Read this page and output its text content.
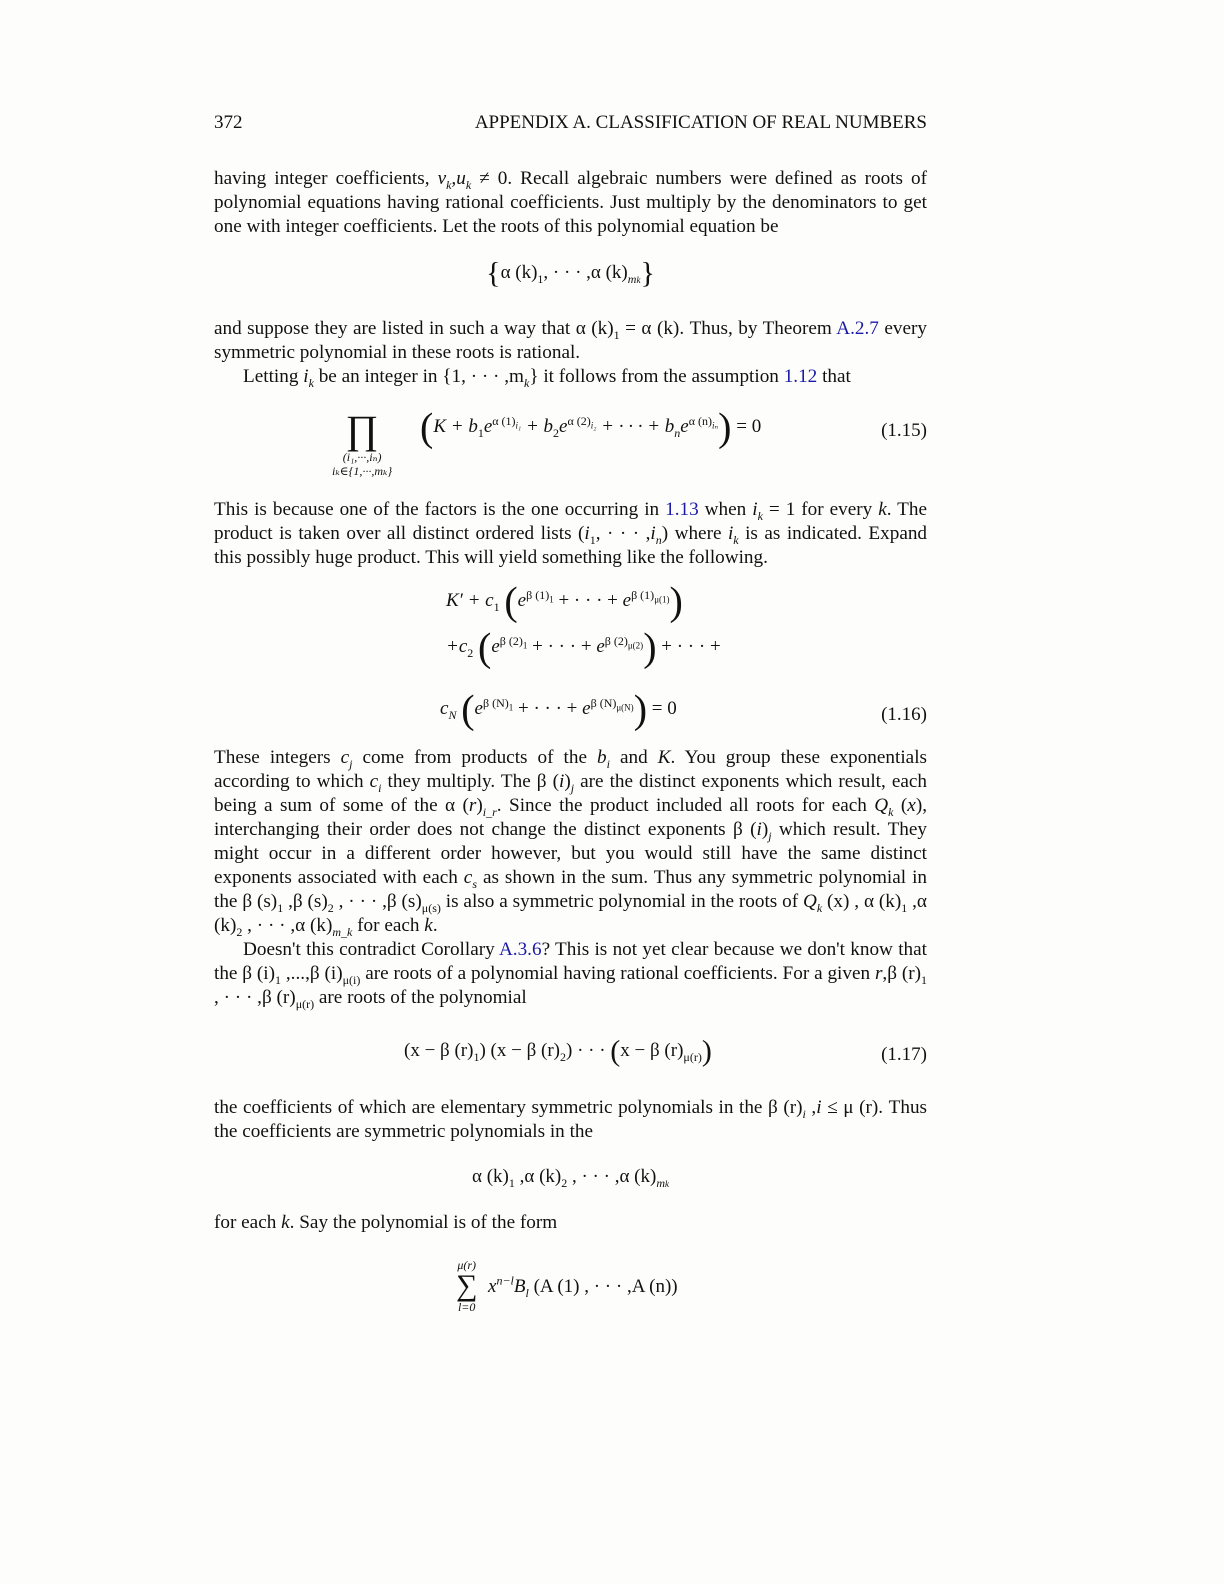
372	APPENDIX A. CLASSIFICATION OF REAL NUMBERS

having integer coefficients, $v_k,u_k \ne 0$. Recall algebraic numbers were defined as roots of polynomial equations having rational coefficients. Just multiply by the denominators to get one with integer coefficients. Let the roots of this polynomial equation be

{α $(k)_1$, · · · ,α $(k)_{mk}$}

and suppose they are listed in such a way that α $(k)_1 = \alpha$ (k). Thus, by Theorem A.2.7 every symmetric polynomial in these roots is rational.

Letting $i_k$ be an integer in {1, · · · $,m_k$} it follows from the assumption 1.12 that

∏
(i₁,···,iₙ)
iₖ∈{1,···,mₖ}
($K + b_1e^{\alpha (1)_{i_1}} + b_2e^{\alpha (2)_{i_2}}$ + · · · + $b_ne^{\alpha (n)_{i_n}}) = 0$	(1.15)

This is because one of the factors is the one occurring in 1.13 when $i_k = 1$ for every k. The product is taken over all distinct ordered lists ($i_1$, · · · $,i_n$) where $i_k$ is as indicated. Expand this possibly huge product. This will yield something like the following.

$K' + c_1$ ($e^{\beta (1)_1}$ + · · · + $e^{\beta (1)_{\mu(1)}}$)
$+c_2$ ($e^{\beta (2)_1}$ + · · · + $e^{\beta (2)_{\mu(2)}}$) + · · · +
$c_N$ ($e^{\beta (N)_1}$ + · · · + $e^{\beta (N)_{\mu(N)}}) = 0$	(1.16)

These integers $c_j$ come from products of the $b_i$ and K. You group these exponentials according to which $c_i$ they multiply. The β $(i)_j$ are the distinct exponents which result, each being a sum of some of the α $(r)_{i\_r}$. Since the product included all roots for each $Q_k$ (x), interchanging their order does not change the distinct exponents β $(i)_j$ which result. They might occur in a different order however, but you would still have the same distinct exponents associated with each $c_s$ as shown in the sum. Thus any symmetric polynomial in the β $(s)_1$ ,β $(s)_2$ , · · · ,β $(s)_{\mu(s)}$ is also a symmetric polynomial in the roots of $Q_k$ (x) , α $(k)_1$ ,α $(k)_2$ , · · · ,α $(k)_{m\_k}$ for each k.

Doesn't this contradict Corollary A.3.6? This is not yet clear because we don't know that the β $(i)_1$ ,...,β $(i)_{\mu(i)}$ are roots of a polynomial having rational coefficients. For a given r,β $(r)_1$ , · · · ,β $(r)_{\mu(r)}$ are roots of the polynomial

(x − β $(r)_1$) (x − β $(r)_2$) · · · (x − β $(r)_{\mu(r)}$)	(1.17)

the coefficients of which are elementary symmetric polynomials in the β $(r)_i$ ,i ≤ μ (r). Thus the coefficients are symmetric polynomials in the

α $(k)_1$ ,α $(k)_2$ , · · · ,α $(k)_{mk}$

for each k. Say the polynomial is of the form

μ(r)
∑
l=0
$x^{n-l}B_l$ (A (1) , · · · ,A (n))
